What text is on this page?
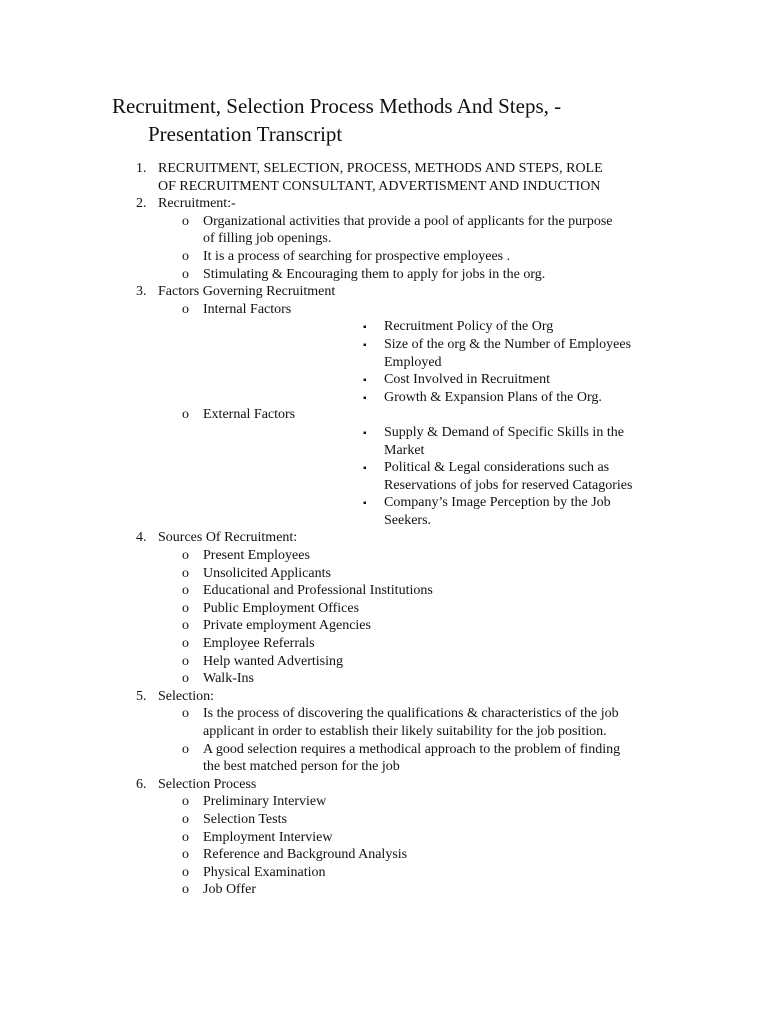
Recruitment, Selection Process Methods And Steps, -
Presentation Transcript
1. RECRUITMENT, SELECTION, PROCESS, METHODS AND STEPS, ROLE
OF RECRUITMENT CONSULTANT, ADVERTISMENT AND INDUCTION
2. Recruitment:-
o Organizational activities that provide a pool of applicants for the purpose
of filling job openings.
o It is a process of searching for prospective employees .
o Stimulating & Encouraging them to apply for jobs in the org.
3. Factors Governing Recruitment
o Internal Factors
▪ Recruitment Policy of the Org
▪ Size of the org & the Number of Employees
Employed
▪ Cost Involved in Recruitment
▪ Growth & Expansion Plans of the Org.
o External Factors
▪ Supply & Demand of Specific Skills in the
Market
▪ Political & Legal considerations such as
Reservations of jobs for reserved Catagories
▪ Company’s Image Perception by the Job
Seekers.
4. Sources Of Recruitment:
o Present Employees
o Unsolicited Applicants
o Educational and Professional Institutions
o Public Employment Offices
o Private employment Agencies
o Employee Referrals
o Help wanted Advertising
o Walk-Ins
5. Selection:
o Is the process of discovering the qualifications & characteristics of the job
applicant in order to establish their likely suitability for the job position.
o A good selection requires a methodical approach to the problem of finding
the best matched person for the job
6. Selection Process
o Preliminary Interview
o Selection Tests
o Employment Interview
o Reference and Background Analysis
o Physical Examination
o Job Offer
